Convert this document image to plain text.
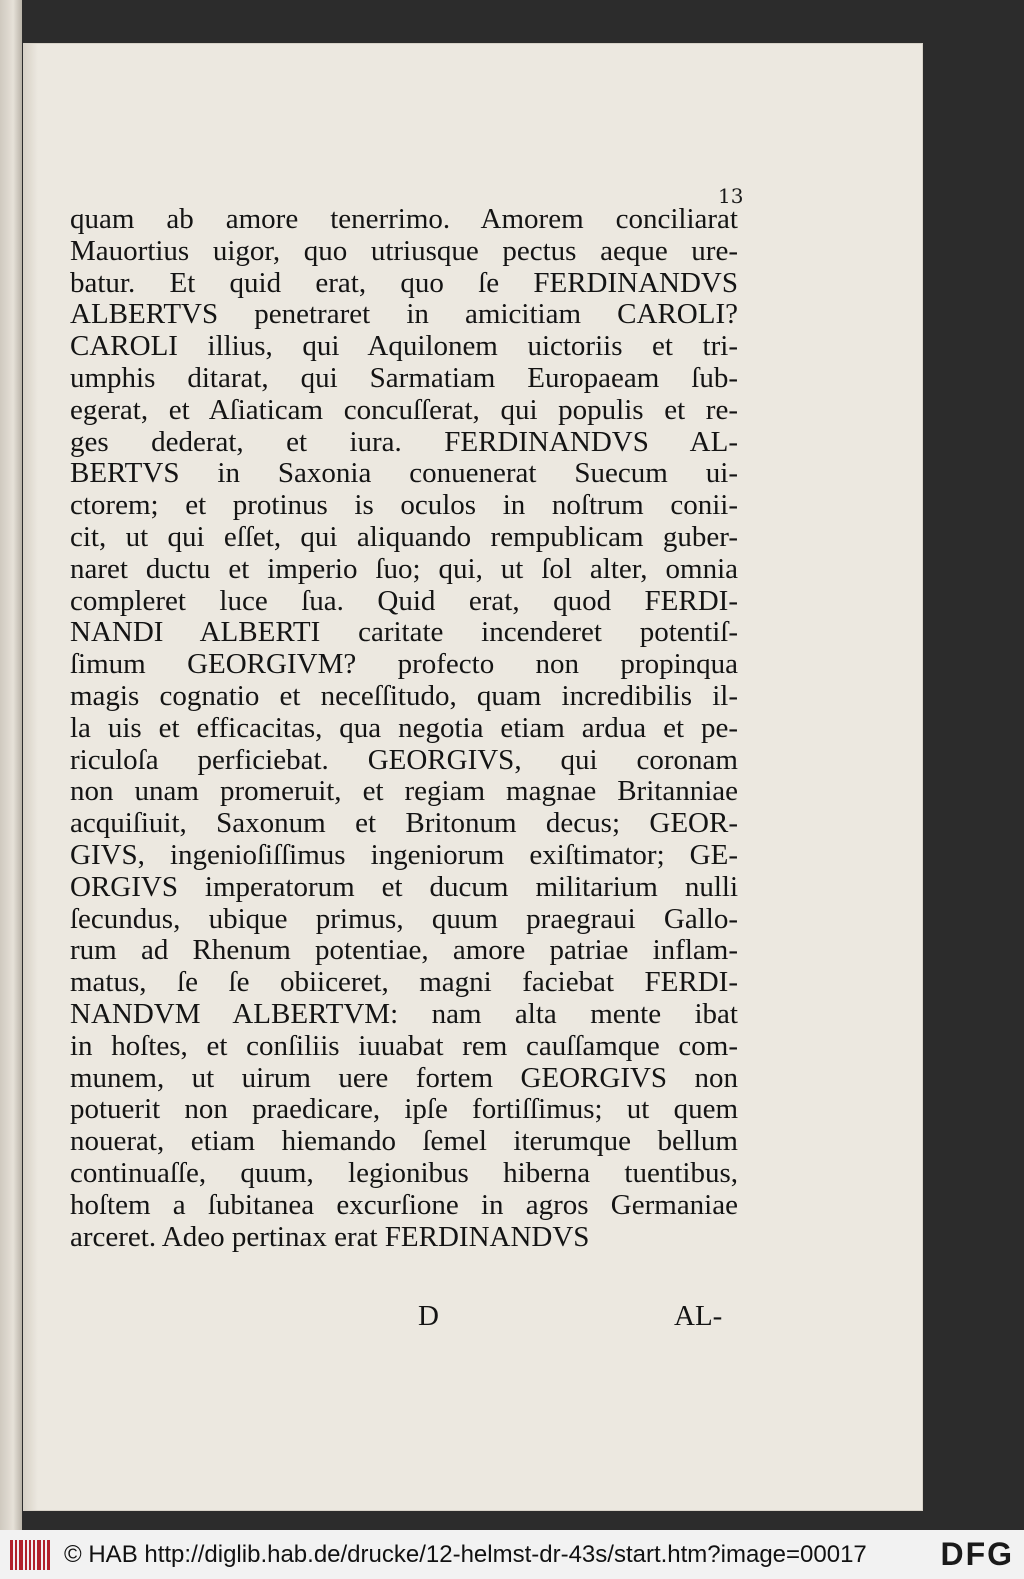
13
quam ab amore tenerrimo. Amorem conciliarat
Mauortius uigor, quo utriusque pectus aeque ure-
batur. Et quid erat, quo ſe FERDINANDVS
ALBERTVS penetraret in amicitiam CAROLI?
CAROLI illius, qui Aquilonem uictoriis et tri-
umphis ditarat, qui Sarmatiam Europaeam ſub-
egerat, et Aſiaticam concuſſerat, qui populis et re-
ges dederat, et iura. FERDINANDVS AL-
BERTVS in Saxonia conuenerat Suecum ui-
ctorem; et protinus is oculos in noſtrum conii-
cit, ut qui eſſet, qui aliquando rempublicam guber-
naret ductu et imperio ſuo; qui, ut ſol alter, omnia
compleret luce ſua. Quid erat, quod FERDI-
NANDI ALBERTI caritate incenderet potentiſ-
ſimum GEORGIVM? profecto non propinqua
magis cognatio et neceſſitudo, quam incredibilis il-
la uis et efficacitas, qua negotia etiam ardua et pe-
riculoſa perficiebat. GEORGIVS, qui coronam
non unam promeruit, et regiam magnae Britanniae
acquiſiuit, Saxonum et Britonum decus; GEOR-
GIVS, ingenioſiſſimus ingeniorum exiſtimator; GE-
ORGIVS imperatorum et ducum militarium nulli
ſecundus, ubique primus, quum praegraui Gallo-
rum ad Rhenum potentiae, amore patriae inflam-
matus, ſe ſe obiiceret, magni faciebat FERDI-
NANDVM ALBERTVM: nam alta mente ibat
in hoſtes, et conſiliis iuuabat rem cauſſamque com-
munem, ut uirum uere fortem GEORGIVS non
potuerit non praedicare, ipſe fortiſſimus; ut quem
nouerat, etiam hiemando ſemel iterumque bellum
continuaſſe, quum, legionibus hiberna tuentibus,
hoſtem a ſubitanea excurſione in agros Germaniae
arceret. Adeo pertinax erat FERDINANDVS
D	AL-
© HAB http://diglib.hab.de/drucke/12-helmst-dr-43s/start.htm?image=00017	DFG
